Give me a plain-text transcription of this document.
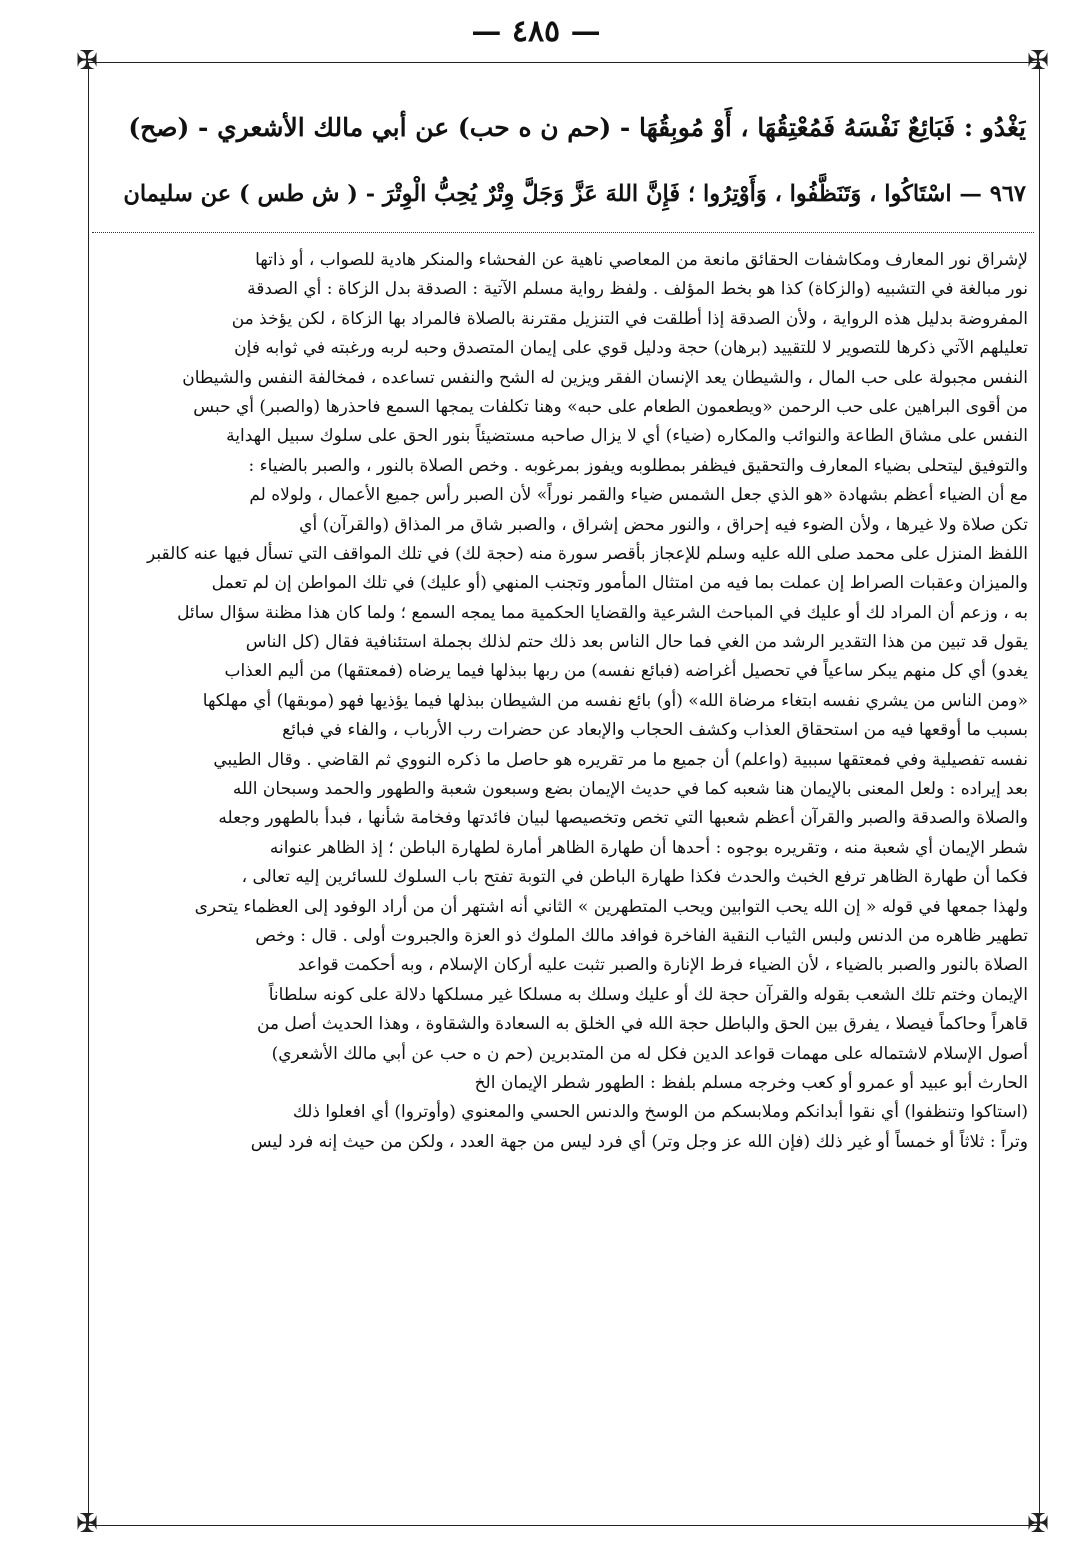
— ٤٨٥ —
✠	✠
✠	✠
يَغْدُو : فَبَائِعٌ نَفْسَهُ فَمُعْتِقُهَا ، أَوْ مُوبِقُهَا - (حم ن ه حب) عن أبي مالك الأشعري - (صح)
٩٦٧ — اسْتَاكُوا ، وَتَنَظَّفُوا ، وَأَوْتِرُوا ؛ فَإِنَّ اللهَ عَزَّ وَجَلَّ وِتْرٌ يُحِبُّ الْوِتْرَ - ( ش طس ) عن سليمان
لإشراق نور المعارف ومكاشفات الحقائق مانعة من المعاصي ناهية عن الفحشاء والمنكر هادية للصواب ، أو ذاتها
نور مبالغة في التشبيه (والزكاة) كذا هو بخط المؤلف . ولفظ رواية مسلم الآتية : الصدقة بدل الزكاة : أي الصدقة
المفروضة بدليل هذه الرواية ، ولأن الصدقة إذا أطلقت في التنزيل مقترنة بالصلاة فالمراد بها الزكاة ، لكن يؤخذ من
تعليلهم الآتي ذكرها للتصوير لا للتقييد (برهان) حجة ودليل قوي على إيمان المتصدق وحبه لربه ورغبته في ثوابه فإن
النفس مجبولة على حب المال ، والشيطان يعد الإنسان الفقر ويزين له الشح والنفس تساعده ، فمخالفة النفس والشيطان
من أقوى البراهين على حب الرحمن «ويطعمون الطعام على حبه» وهنا تكلفات يمجها السمع فاحذرها (والصبر) أي حبس
النفس على مشاق الطاعة والنوائب والمكاره (ضياء) أي لا يزال صاحبه مستضيئاً بنور الحق على سلوك سبيل الهداية
والتوفيق ليتحلى بضياء المعارف والتحقيق فيظفر بمطلوبه ويفوز بمرغوبه . وخص الصلاة بالنور ، والصبر بالضياء :
مع أن الضياء أعظم بشهادة «هو الذي جعل الشمس ضياء والقمر نوراً» لأن الصبر رأس جميع الأعمال ، ولولاه لم
تكن صلاة ولا غيرها ، ولأن الضوء فيه إحراق ، والنور محض إشراق ، والصبر شاق مر المذاق (والقرآن) أي
اللفظ المنزل على محمد صلى الله عليه وسلم للإعجاز بأقصر سورة منه (حجة لك) في تلك المواقف التي تسأل فيها عنه كالقبر
والميزان وعقبات الصراط إن عملت بما فيه من امتثال المأمور وتجنب المنهي (أو عليك) في تلك المواطن إن لم تعمل
به ، وزعم أن المراد لك أو عليك في المباحث الشرعية والقضايا الحكمية مما يمجه السمع ؛ ولما كان هذا مظنة سؤال سائل
يقول قد تبين من هذا التقدير الرشد من الغي فما حال الناس بعد ذلك حتم لذلك بجملة استئنافية فقال (كل الناس
يغدو) أي كل منهم يبكر ساعياً في تحصيل أغراضه (فبائع نفسه) من ربها ببذلها فيما يرضاه (فمعتقها) من أليم العذاب
«ومن الناس من يشري نفسه ابتغاء مرضاة الله» (أو) بائع نفسه من الشيطان ببذلها فيما يؤذيها فهو (موبقها) أي مهلكها
بسبب ما أوقعها فيه من استحقاق العذاب وكشف الحجاب والإبعاد عن حضرات رب الأرباب ، والفاء في فبائع
نفسه تفصيلية وفي فمعتقها سببية (واعلم) أن جميع ما مر تقريره هو حاصل ما ذكره النووي ثم القاضي . وقال الطيبي
بعد إيراده : ولعل المعنى بالإيمان هنا شعبه كما في حديث الإيمان بضع وسبعون شعبة والطهور والحمد وسبحان الله
والصلاة والصدقة والصبر والقرآن أعظم شعبها التي تخص وتخصيصها لبيان فائدتها وفخامة شأنها ، فبدأ بالطهور وجعله
شطر الإيمان أي شعبة منه ، وتقريره بوجوه : أحدها أن طهارة الظاهر أمارة لطهارة الباطن ؛ إذ الظاهر عنوانه
فكما أن طهارة الظاهر ترفع الخبث والحدث فكذا طهارة الباطن في التوبة تفتح باب السلوك للسائرين إليه تعالى ،
ولهذا جمعها في قوله « إن الله يحب التوابين ويحب المتطهرين » الثاني أنه اشتهر أن من أراد الوفود إلى العظماء يتحرى
تطهير ظاهره من الدنس ولبس الثياب النقية الفاخرة فوافد مالك الملوك ذو العزة والجبروت أولى . قال : وخص
الصلاة بالنور والصبر بالضياء ، لأن الضياء فرط الإنارة والصبر تثبت عليه أركان الإسلام ، وبه أحكمت قواعد
الإيمان وختم تلك الشعب بقوله والقرآن حجة لك أو عليك وسلك به مسلكا غير مسلكها دلالة على كونه سلطاناً
قاهراً وحاكماً فيصلا ، يفرق بين الحق والباطل حجة الله في الخلق به السعادة والشقاوة ، وهذا الحديث أصل من
أصول الإسلام لاشتماله على مهمات قواعد الدين فكل له من المتدبرين (حم ن ه حب عن أبي مالك الأشعري)
الحارث أبو عبيد أو عمرو أو كعب وخرجه مسلم بلفظ : الطهور شطر الإيمان الخ
(استاكوا وتنظفوا) أي نقوا أبدانكم وملابسكم من الوسخ والدنس الحسي والمعنوي (وأوتروا) أي افعلوا ذلك
وتراً : ثلاثاً أو خمساً أو غير ذلك (فإن الله عز وجل وتر) أي فرد ليس من جهة العدد ، ولكن من حيث إنه فرد ليس
